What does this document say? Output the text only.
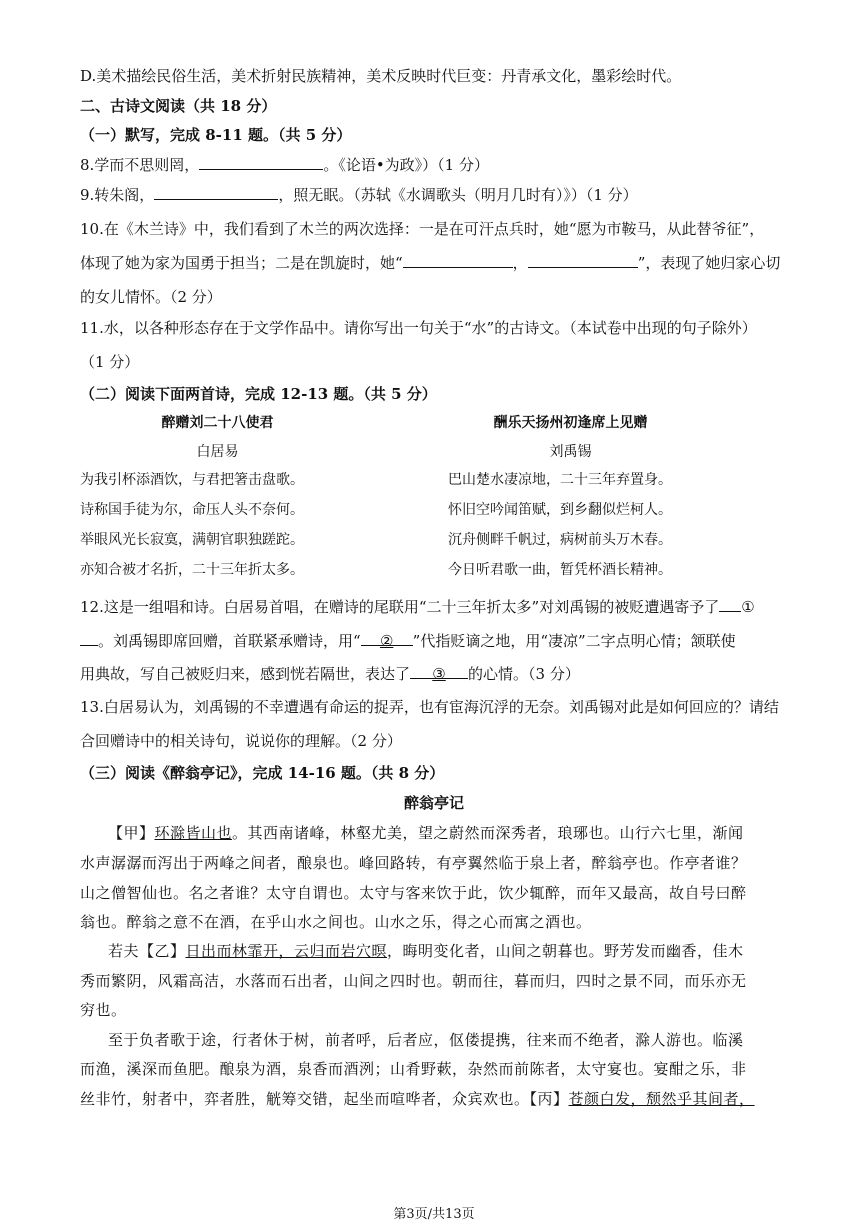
D.美术描绘民俗生活，美术折射民族精神，美术反映时代巨变：丹青承文化，墨彩绘时代。
二、古诗文阅读（共 18 分）
（一）默写，完成 8-11 题。（共 5 分）
8.学而不思则罔，	。《论语•为政》）（1 分）
9.转朱阁，	，照无眠。（苏轼《水调歌头（明月几时有）》）（1 分）
10.在《木兰诗》中，我们看到了木兰的两次选择：一是在可汗点兵时，她“愿为市鞍马，从此替爷征”，
体现了她为家为国勇于担当；二是在凯旋时，她“	，	”，表现了她归家心切
的女儿情怀。（2 分）
11.水，以各种形态存在于文学作品中。请你写出一句关于“水”的古诗文。（本试卷中出现的句子除外）
（1 分）
（二）阅读下面两首诗，完成 12-13 题。（共 5 分）
醉赠刘二十八使君
白居易
为我引杯添酒饮，与君把箸击盘歌。
诗称国手徒为尔，命压人头不奈何。
举眼风光长寂寞，满朝官职独蹉跎。
亦知合被才名折，二十三年折太多。
酬乐天扬州初逢席上见赠
刘禹锡
巴山楚水凄凉地，二十三年弃置身。
怀旧空吟闻笛赋，到乡翻似烂柯人。
沉舟侧畔千帆过，病树前头万木春。
今日听君歌一曲，暂凭杯酒长精神。
12.这是一组唱和诗。白居易首唱，在赠诗的尾联用“二十三年折太多”对刘禹锡的被贬遭遇寄予了 ①
。刘禹锡即席回赠，首联紧承赠诗，用“ ② ”代指贬谪之地，用“凄凉”二字点明心情；颔联使
用典故，写自己被贬归来，感到恍若隔世，表达了 ③ 的心情。（3 分）
13.白居易认为，刘禹锡的不幸遭遇有命运的捉弄，也有宦海沉浮的无奈。刘禹锡对此是如何回应的？请结
合回赠诗中的相关诗句，说说你的理解。（2 分）
（三）阅读《醉翁亭记》，完成 14-16 题。（共 8 分）
醉翁亭记
【甲】环滁皆山也。其西南诸峰，林壑尤美，望之蔚然而深秀者，琅琊也。山行六七里，渐闻
水声潺潺而泻出于两峰之间者，酿泉也。峰回路转，有亭翼然临于泉上者，醉翁亭也。作亭者谁？
山之僧智仙也。名之者谁？太守自谓也。太守与客来饮于此，饮少辄醉，而年又最高，故自号曰醉
翁也。醉翁之意不在酒，在乎山水之间也。山水之乐，得之心而寓之酒也。
若夫【乙】日出而林霏开，云归而岩穴暝，晦明变化者，山间之朝暮也。野芳发而幽香，佳木
秀而繁阴，风霜高洁，水落而石出者，山间之四时也。朝而往，暮而归，四时之景不同，而乐亦无
穷也。
至于负者歌于途，行者休于树，前者呼，后者应，伛偻提携，往来而不绝者，滁人游也。临溪
而渔，溪深而鱼肥。酿泉为酒，泉香而酒洌；山肴野蔌，杂然而前陈者，太守宴也。宴酣之乐，非
丝非竹，射者中，弈者胜，觥筹交错，起坐而喧哗者，众宾欢也。【丙】苍颜白发，颓然乎其间者，
第3页/共13页
